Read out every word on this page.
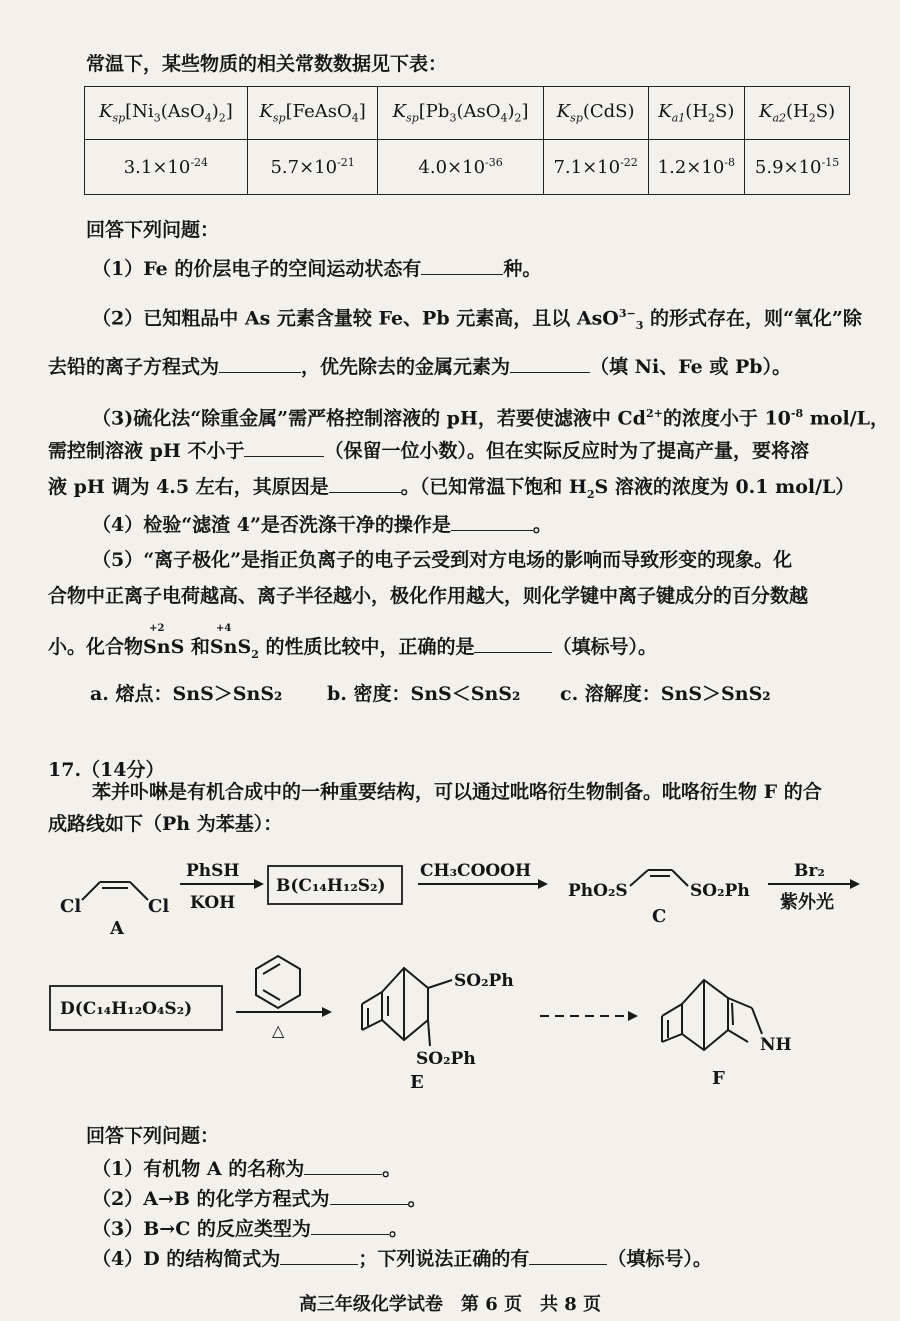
常温下，某些物质的相关常数数据见下表：
$K_{sp}[Ni_3(AsO_4)_2]$	$K_{sp}[FeAsO_4]$	$K_{sp}[Pb_3(AsO_4)_2]$	$K_{sp}(CdS)$	$K_{a1}(H_2S)$	$K_{a2}(H_2S)$
$3.1\times 10^{-24}$	$5.7\times 10^{-21}$	$4.0\times 10^{-36}$	$7.1\times 10^{-22}$	$1.2\times 10^{-8}$	$5.9\times 10^{-15}$
回答下列问题：
（1）Fe 的价层电子的空间运动状态有	种。
（2）已知粗品中 As 元素含量较 Fe、Pb 元素高，且以 AsO$^{3-}_3$ 的形式存在，则“氧化”除
去铅的离子方程式为	，优先除去的金属元素为	（填 Ni、Fe 或 Pb）。
（3)硫化法“除重金属”需严格控制溶液的 pH，若要使滤液中 $Cd^{2+}$的浓度小于 $10^{-8}$ mol/L，
需控制溶液 pH 不小于	（保留一位小数）。但在实际反应时为了提高产量，要将溶
液 pH 调为 4.5 左右，其原因是	。（已知常温下饱和 $H_2S$ 溶液的浓度为 0.1 mol/L）
（4）检验“滤渣 4”是否洗涤干净的操作是	。
（5）“离子极化”是指正负离子的电子云受到对方电场的影响而导致形变的现象。化
合物中正离子电荷越高、离子半径越小，极化作用越大，则化学键中离子键成分的百分数越
小。化合物
+2
SnS 和
+4
SnS$_2$ 的性质比较中，正确的是	（填标号）。
a. 熔点：SnS＞SnS₂ b. 密度：SnS＜SnS₂ c. 溶解度：SnS＞SnS₂
17.（14分）
苯并卟啉是有机合成中的一种重要结构，可以通过吡咯衍生物制备。吡咯衍生物 F 的合
成路线如下（Ph 为苯基）：
Cl	Cl
A
PhSH
KOH
B(C₁₄H₁₂S₂)
CH₃COOOH
PhO₂S	SO₂Ph
C
Br₂
紫外光
D(C₁₄H₁₂O₄S₂)
△
SO₂Ph
SO₂Ph
E
NH
F
回答下列问题：
（1）有机物 A 的名称为	。
（2）A→B 的化学方程式为	。
（3）B→C 的反应类型为	。
（4）D 的结构简式为	；下列说法正确的有	（填标号）。
高三年级化学试卷　第 6 页　共 8 页
